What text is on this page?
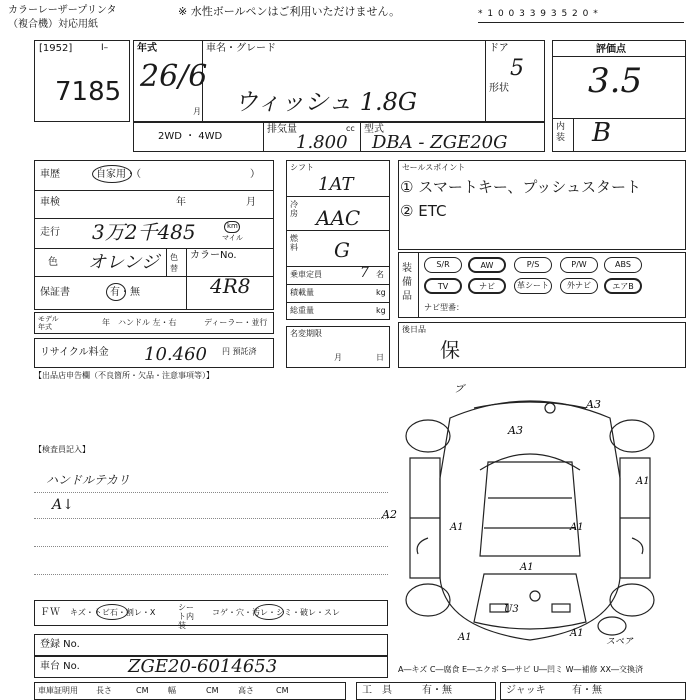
カラーレーザープリンタ
（複合機）対応用紙
※ 水性ボールペンはご利用いただけません。	* 1 0 0 3 3 9 3 5 2 0 *
[1952]	I–
7185
年式
26/6
月
車名・グレード
ウィッシュ 1.8G
ドア
5
形状
評価点
3.5
内装 B
2WD ・ 4WD
排気量	cc
1.800
型式
DBA - ZGE20G
車歴	自家用・（	）
車検	年	月
走行 3万2千485	km
マイル
色 オレンジ 色替
カラーNo.
4R8
保証書	有・無
モデル年式	年 ハンドル 左・右	ディーラー・並行
リサイクル料金 10.460 円 預託済
シフト
1AT
冷房 AAC
燃料 G
乗車定員	7 名
積載量	kg
総重量	kg
名変期限
月	日
セールスポイント
① スマートキー、プッシュスタート
② ETC
装備品
S/R	AW	P/S	P/W	ABS
TV	ナビ	革シート	外ナビ	エアB
ナビ型番：
後日品
保
【出品店申告欄（不良箇所・欠品・注意事項等）】
【検査員記入】
ハンドルテカリ
A↓
ブ
A3
A3
A2
A1	A1
A1
U3
A1	A1
A1
スペア
ＦＷ キズ・トビ石・割レ・X
シート内装
コゲ・穴・汚レ・シミ・破レ・スレ
登録 No.
車台 No.	ZGE20-6014653	A―キズ C―腐食 E―エクボ S―サビ U―凹ミ W―補修 XX―交換済
車庫証明用 長さ	CM 幅	CM 高さ	CM	工　具	有・無	ジャッキ	有・無
